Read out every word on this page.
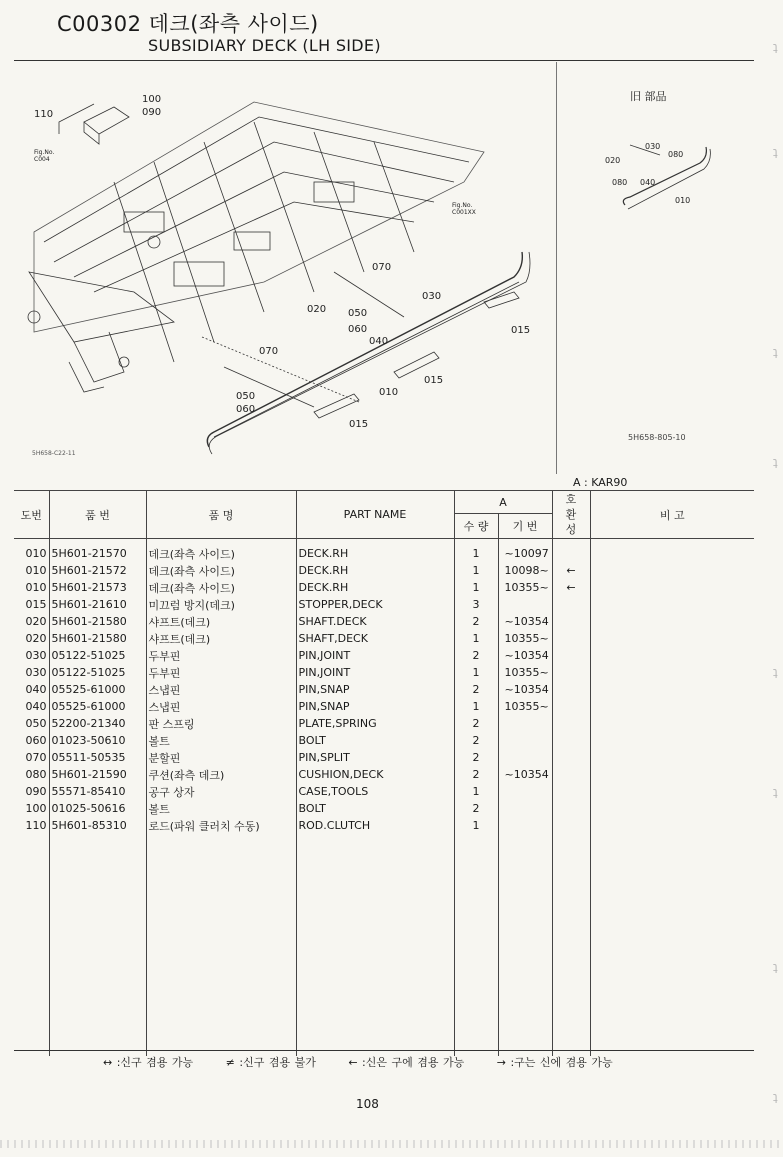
C00302 데크(좌측 사이드)
SUBSIDIARY DECK (LH SIDE)
110
100
090
Fig.No. C004
Fig.No. C001XX
070
020
030
050
060
040
015
070
015
010
050
060
015
旧 部品
030
080
020
080 040
010
5H658-805-10
5H658-C22-11
A : KAR90
도번	품 번	품 명	PART NAME	A		호
환
성	비 고
				수 량	기 번		

010	5H601-21570	데크(좌측 사이드)	DECK.RH	1	~10097		
010	5H601-21572	데크(좌측 사이드)	DECK.RH	1	10098~	←	
010	5H601-21573	데크(좌측 사이드)	DECK.RH	1	10355~	←	
015	5H601-21610	미끄럼 방지(데크)	STOPPER,DECK	3			
020	5H601-21580	샤프트(데크)	SHAFT.DECK	2	~10354		
020	5H601-21580	샤프트(데크)	SHAFT,DECK	1	10355~		
030	05122-51025	두부핀	PIN,JOINT	2	~10354		
030	05122-51025	두부핀	PIN,JOINT	1	10355~		
040	05525-61000	스냅핀	PIN,SNAP	2	~10354		
040	05525-61000	스냅핀	PIN,SNAP	1	10355~		
050	52200-21340	판 스프링	PLATE,SPRING	2			
060	01023-50610	볼트	BOLT	2			
070	05511-50535	분할핀	PIN,SPLIT	2			
080	5H601-21590	쿠션(좌측 데크)	CUSHION,DECK	2	~10354		
090	55571-85410	공구 상자	CASE,TOOLS	1			
100	01025-50616	볼트	BOLT	2			
110	5H601-85310	로드(파워 클러치 수동)	ROD.CLUTCH	1			

↔ :신구 겸용 가능	≠ :신구 겸용 불가	← :신은 구에 겸용 가능	→ :구는 신에 겸용 가능
108
ʇ
ʇ
ʇ
ʇ
ʇ
ʇ
ʇ
ʇ
